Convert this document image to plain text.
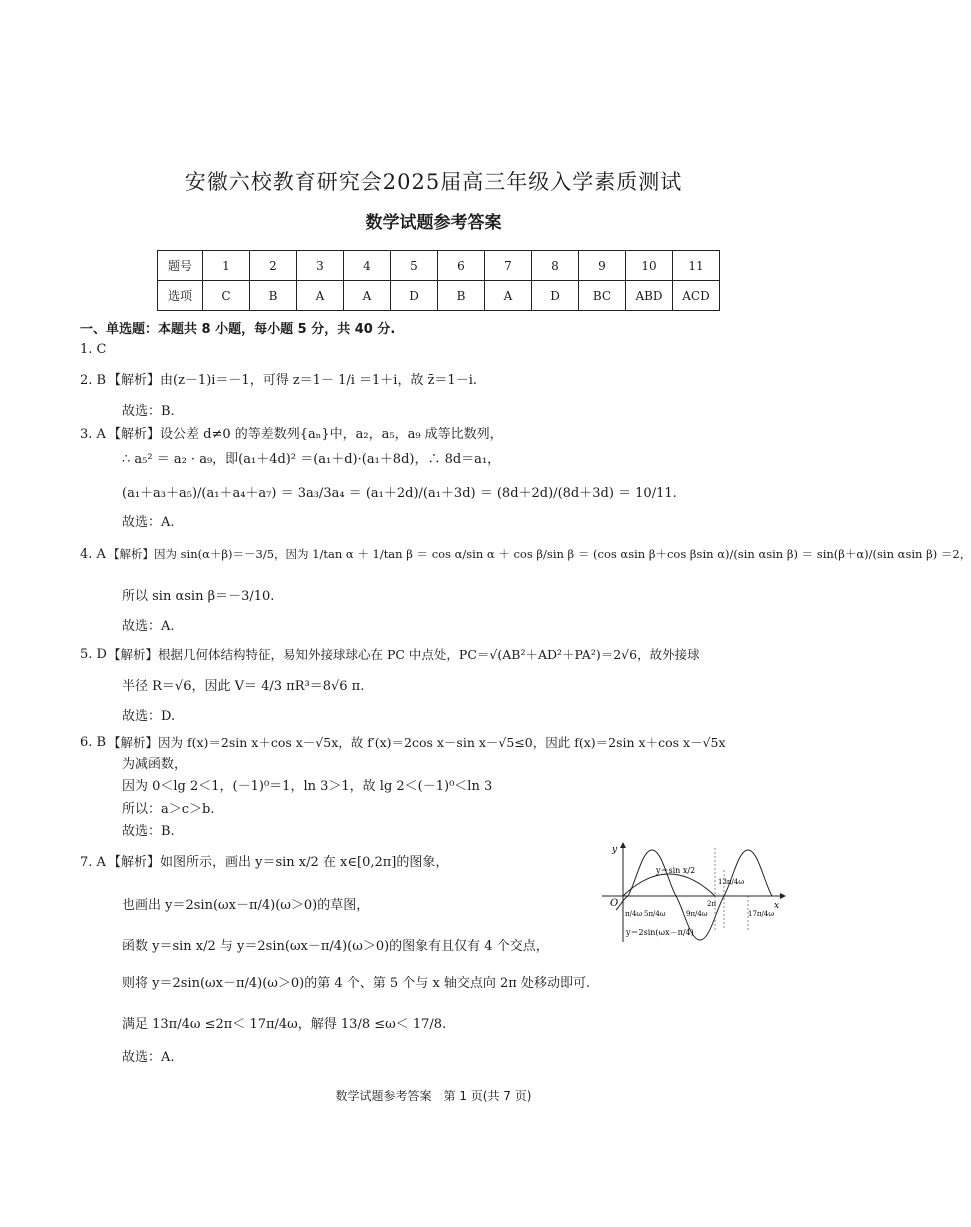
安徽六校教育研究会2025届高三年级入学素质测试
数学试题参考答案
题号	1	2	3	4	5	6	7	8	9	10	11
选项	C	B	A	A	D	B	A	D	BC	ABD	ACD
一、单选题：本题共 8 小题，每小题 5 分，共 40 分.
1. C
2. B 【解析】由(z－1)i＝－1，可得 z＝1－ 1/i ＝1＋i，故 z̄＝1－i.
故选：B.
3. A 【解析】设公差 d≠0 的等差数列{aₙ}中，a₂，a₅，a₉ 成等比数列，
∴ a₅² ＝ a₂ · a₉，即(a₁＋4d)² ＝(a₁＋d)·(a₁＋8d)，∴ 8d＝a₁，
(a₁＋a₃＋a₅)/(a₁＋a₄＋a₇) ＝ 3a₃/3a₄ ＝ (a₁＋2d)/(a₁＋3d) ＝ (8d＋2d)/(8d＋3d) ＝ 10/11.
故选：A.
4. A 【解析】因为 sin(α＋β)＝－3/5，因为 1/tan α ＋ 1/tan β ＝ cos α/sin α ＋ cos β/sin β ＝ (cos αsin β＋cos βsin α)/(sin αsin β) ＝ sin(β＋α)/(sin αsin β) ＝2，
所以 sin αsin β＝－3/10.
故选：A.
5. D 【解析】根据几何体结构特征，易知外接球球心在 PC 中点处，PC＝√(AB²＋AD²＋PA²)＝2√6，故外接球
半径 R＝√6，因此 V＝ 4/3 πR³＝8√6 π.
故选：D.
6. B 【解析】因为 f(x)＝2sin x＋cos x－√5x，故 f′(x)＝2cos x－sin x－√5≤0，因此 f(x)＝2sin x＋cos x－√5x
为减函数，
因为 0＜lg 2＜1，(－1)⁰＝1，ln 3＞1，故 lg 2＜(－1)⁰＜ln 3
所以：a＞c＞b.
故选：B.
7. A 【解析】如图所示，画出 y＝sin x/2 在 x∈[0,2π]的图象，
也画出 y＝2sin(ωx－π/4)(ω＞0)的草图，
函数 y＝sin x/2 与 y＝2sin(ωx－π/4)(ω＞0)的图象有且仅有 4 个交点，
则将 y＝2sin(ωx－π/4)(ω＞0)的第 4 个、第 5 个与 x 轴交点向 2π 处移动即可.
满足 13π/4ω ≤2π＜ 17π/4ω，解得 13/8 ≤ω＜ 17/8.
故选：A.
y
x
O
y＝sin x/2
y＝2sin(ωx－π/4)
π/4ω 5π/4ω	9π/4ω
2π
13π/4ω
17π/4ω
数学试题参考答案　第 1 页(共 7 页)
